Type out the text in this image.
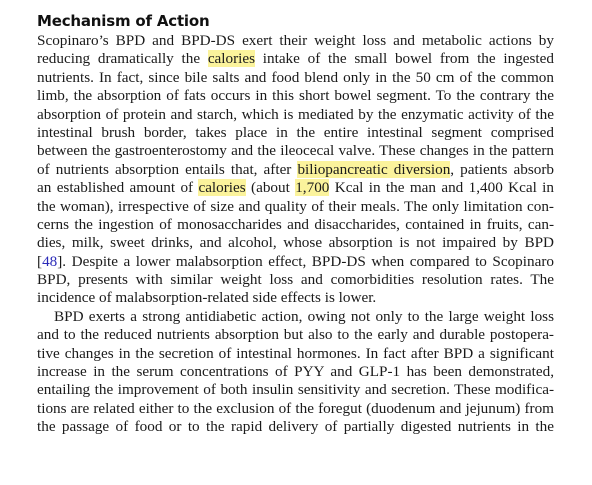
Mechanism of Action
Scopinaro’s BPD and BPD-DS exert their weight loss and metabolic actions by
reducing dramatically the calories intake of the small bowel from the ingested
nutrients. In fact, since bile salts and food blend only in the 50 cm of the common
limb, the absorption of fats occurs in this short bowel segment. To the contrary the
absorption of protein and starch, which is mediated by the enzymatic activity of the
intestinal brush border, takes place in the entire intestinal segment comprised
between the gastroenterostomy and the ileocecal valve. These changes in the pattern
of nutrients absorption entails that, after biliopancreatic diversion, patients absorb
an established amount of calories (about 1,700 Kcal in the man and 1,400 Kcal in
the woman), irrespective of size and quality of their meals. The only limitation con-
cerns the ingestion of monosaccharides and disaccharides, contained in fruits, can-
dies, milk, sweet drinks, and alcohol, whose absorption is not impaired by BPD
[48]. Despite a lower malabsorption effect, BPD-DS when compared to Scopinaro
BPD, presents with similar weight loss and comorbidities resolution rates. The
incidence of malabsorption-related side effects is lower.
BPD exerts a strong antidiabetic action, owing not only to the large weight loss
and to the reduced nutrients absorption but also to the early and durable postopera-
tive changes in the secretion of intestinal hormones. In fact after BPD a significant
increase in the serum concentrations of PYY and GLP-1 has been demonstrated,
entailing the improvement of both insulin sensitivity and secretion. These modifica-
tions are related either to the exclusion of the foregut (duodenum and jejunum) from
the passage of food or to the rapid delivery of partially digested nutrients in the
